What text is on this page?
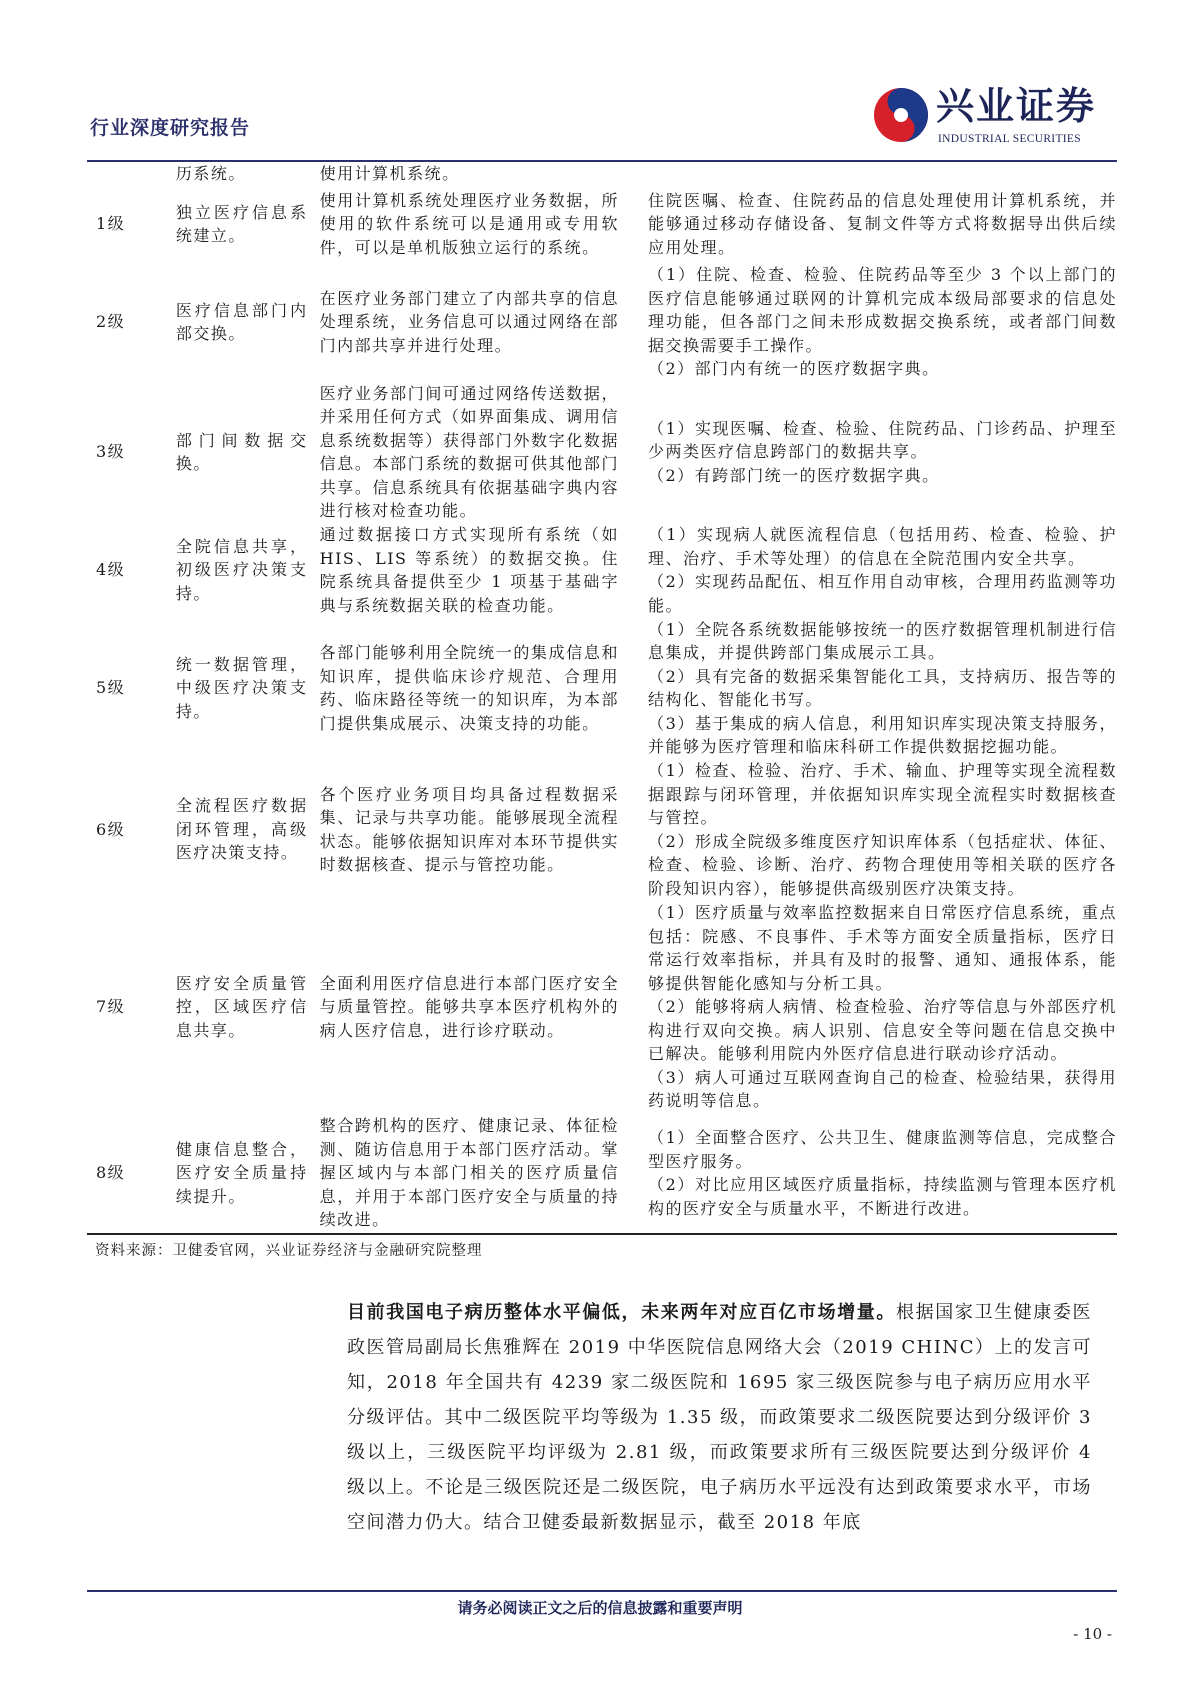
行业深度研究报告	兴业证券
INDUSTRIAL SECURITIES
	历系统。	使用计算机系统。	
1级	独立医疗信息系统建立。	使用计算机系统处理医疗业务数据，所使用的软件系统可以是通用或专用软件，可以是单机版独立运行的系统。	住院医嘱、检查、住院药品的信息处理使用计算机系统，并能够通过移动存储设备、复制文件等方式将数据导出供后续应用处理。
2级	医疗信息部门内部交换。	在医疗业务部门建立了内部共享的信息处理系统，业务信息可以通过网络在部门内部共享并进行处理。	（1）住院、检查、检验、住院药品等至少 3 个以上部门的医疗信息能够通过联网的计算机完成本级局部要求的信息处理功能，但各部门之间未形成数据交换系统，或者部门间数据交换需要手工操作。
（2）部门内有统一的医疗数据字典。
3级	部门间数据交换。	医疗业务部门间可通过网络传送数据，并采用任何方式（如界面集成、调用信息系统数据等）获得部门外数字化数据信息。本部门系统的数据可供其他部门共享。信息系统具有依据基础字典内容进行核对检查功能。	（1）实现医嘱、检查、检验、住院药品、门诊药品、护理至少两类医疗信息跨部门的数据共享。
（2）有跨部门统一的医疗数据字典。
4级	全院信息共享，初级医疗决策支持。	通过数据接口方式实现所有系统（如 HIS、LIS 等系统）的数据交换。住院系统具备提供至少 1 项基于基础字典与系统数据关联的检查功能。	（1）实现病人就医流程信息（包括用药、检查、检验、护理、治疗、手术等处理）的信息在全院范围内安全共享。
（2）实现药品配伍、相互作用自动审核，合理用药监测等功能。
5级	统一数据管理，中级医疗决策支持。	各部门能够利用全院统一的集成信息和知识库，提供临床诊疗规范、合理用药、临床路径等统一的知识库，为本部门提供集成展示、决策支持的功能。	（1）全院各系统数据能够按统一的医疗数据管理机制进行信息集成，并提供跨部门集成展示工具。
（2）具有完备的数据采集智能化工具，支持病历、报告等的结构化、智能化书写。
（3）基于集成的病人信息，利用知识库实现决策支持服务，并能够为医疗管理和临床科研工作提供数据挖掘功能。
6级	全流程医疗数据闭环管理，高级医疗决策支持。	各个医疗业务项目均具备过程数据采集、记录与共享功能。能够展现全流程状态。能够依据知识库对本环节提供实时数据核查、提示与管控功能。	（1）检查、检验、治疗、手术、输血、护理等实现全流程数据跟踪与闭环管理，并依据知识库实现全流程实时数据核查与管控。
（2）形成全院级多维度医疗知识库体系（包括症状、体征、检查、检验、诊断、治疗、药物合理使用等相关联的医疗各阶段知识内容），能够提供高级别医疗决策支持。
7级	医疗安全质量管控，区域医疗信息共享。	全面利用医疗信息进行本部门医疗安全与质量管控。能够共享本医疗机构外的病人医疗信息，进行诊疗联动。	（1）医疗质量与效率监控数据来自日常医疗信息系统，重点包括：院感、不良事件、手术等方面安全质量指标，医疗日常运行效率指标，并具有及时的报警、通知、通报体系，能够提供智能化感知与分析工具。
（2）能够将病人病情、检查检验、治疗等信息与外部医疗机构进行双向交换。病人识别、信息安全等问题在信息交换中已解决。能够利用院内外医疗信息进行联动诊疗活动。
（3）病人可通过互联网查询自己的检查、检验结果，获得用药说明等信息。
8级	健康信息整合，医疗安全质量持续提升。	整合跨机构的医疗、健康记录、体征检测、随访信息用于本部门医疗活动。掌握区域内与本部门相关的医疗质量信息，并用于本部门医疗安全与质量的持续改进。	（1）全面整合医疗、公共卫生、健康监测等信息，完成整合型医疗服务。
（2）对比应用区域医疗质量指标，持续监测与管理本医疗机构的医疗安全与质量水平，不断进行改进。
资料来源：卫健委官网，兴业证券经济与金融研究院整理
目前我国电子病历整体水平偏低，未来两年对应百亿市场增量。根据国家卫生健康委医政医管局副局长焦雅辉在 2019 中华医院信息网络大会（2019 CHINC）上的发言可知，2018 年全国共有 4239 家二级医院和 1695 家三级医院参与电子病历应用水平分级评估。其中二级医院平均等级为 1.35 级，而政策要求二级医院要达到分级评价 3 级以上，三级医院平均评级为 2.81 级，而政策要求所有三级医院要达到分级评价 4 级以上。不论是三级医院还是二级医院，电子病历水平远没有达到政策要求水平，市场空间潜力仍大。结合卫健委最新数据显示，截至 2018 年底
请务必阅读正文之后的信息披露和重要声明
- 10 -
